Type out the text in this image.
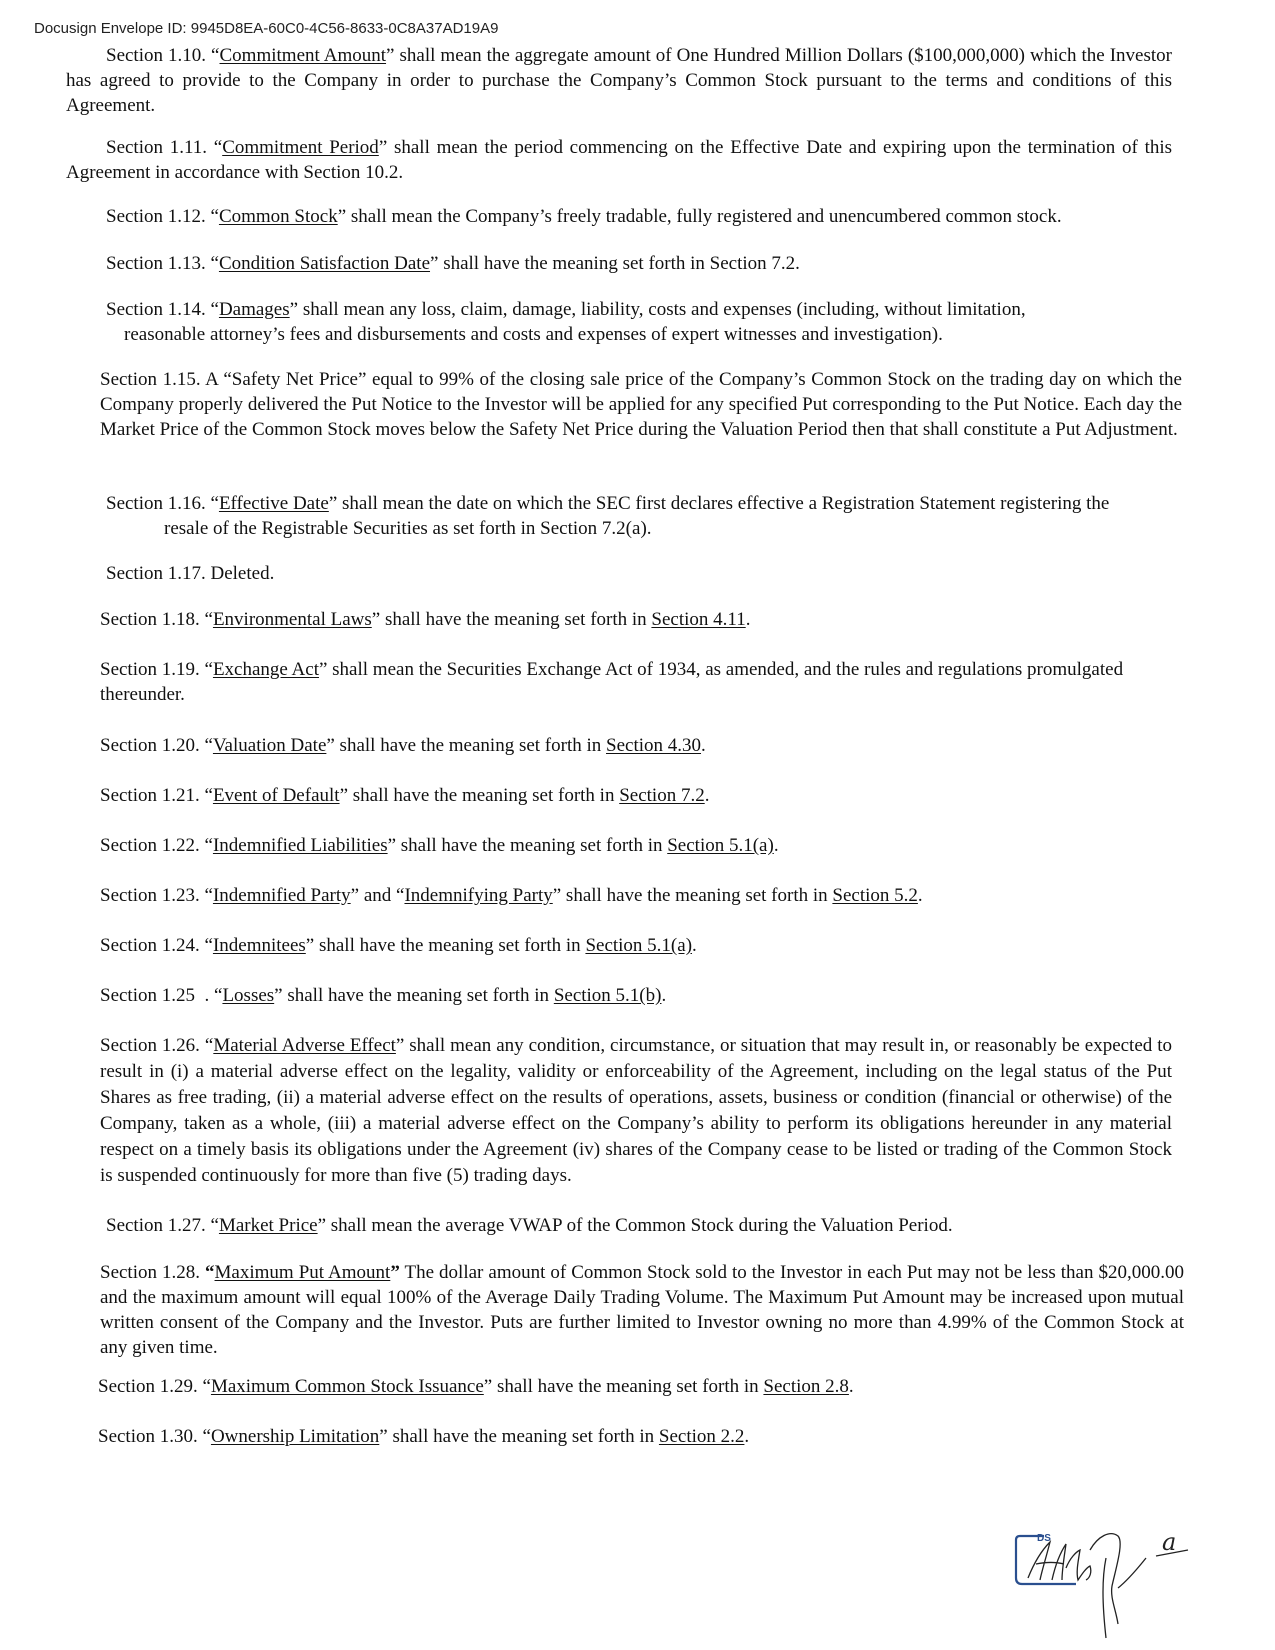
Docusign Envelope ID: 9945D8EA-60C0-4C56-8633-0C8A37AD19A9

Section 1.10. “Commitment Amount” shall mean the aggregate amount of One Hundred Million Dollars ($100,000,000) which the Investor has agreed to provide to the Company in order to purchase the Company’s Common Stock pursuant to the terms and conditions of this Agreement.

Section 1.11. “Commitment Period” shall mean the period commencing on the Effective Date and expiring upon the termination of this Agreement in accordance with Section 10.2.

Section 1.12. “Common Stock” shall mean the Company’s freely tradable, fully registered and unencumbered common stock.

Section 1.13. “Condition Satisfaction Date” shall have the meaning set forth in Section 7.2.

Section 1.14. “Damages” shall mean any loss, claim, damage, liability, costs and expenses (including, without limitation,
reasonable attorney’s fees and disbursements and costs and expenses of expert witnesses and investigation).

Section 1.15. A “Safety Net Price” equal to 99% of the closing sale price of the Company’s Common Stock on the trading day on which the Company properly delivered the Put Notice to the Investor will be applied for any specified Put corresponding to the Put Notice. Each day the Market Price of the Common Stock moves below the Safety Net Price during the Valuation Period then that shall constitute a Put Adjustment.

Section 1.16. “Effective Date” shall mean the date on which the SEC first declares effective a Registration Statement registering the
resale of the Registrable Securities as set forth in Section 7.2(a).

Section 1.17. Deleted.

Section 1.18. “Environmental Laws” shall have the meaning set forth in Section 4.11.

Section 1.19. “Exchange Act” shall mean the Securities Exchange Act of 1934, as amended, and the rules and regulations promulgated thereunder.

Section 1.20. “Valuation Date” shall have the meaning set forth in Section 4.30.

Section 1.21. “Event of Default” shall have the meaning set forth in Section 7.2.

Section 1.22. “Indemnified Liabilities” shall have the meaning set forth in Section 5.1(a).

Section 1.23. “Indemnified Party” and “Indemnifying Party” shall have the meaning set forth in Section 5.2.

Section 1.24. “Indemnitees” shall have the meaning set forth in Section 5.1(a).

Section 1.25  . “Losses” shall have the meaning set forth in Section 5.1(b).

Section 1.26. “Material Adverse Effect” shall mean any condition, circumstance, or situation that may result in, or reasonably be expected to result in (i) a material adverse effect on the legality, validity or enforceability of the Agreement, including on the legal status of the Put Shares as free trading, (ii) a material adverse effect on the results of operations, assets, business or condition (financial or otherwise) of the Company, taken as a whole, (iii) a material adverse effect on the Company’s ability to perform its obligations hereunder in any material respect on a timely basis its obligations under the Agreement (iv) shares of the Company cease to be listed or trading of the Common Stock is suspended continuously for more than five (5) trading days.

Section 1.27. “Market Price” shall mean the average VWAP of the Common Stock during the Valuation Period.

Section 1.28. “Maximum Put Amount” The dollar amount of Common Stock sold to the Investor in each Put may not be less than $20,000.00 and the maximum amount will equal 100% of the Average Daily Trading Volume. The Maximum Put Amount may be increased upon mutual written consent of the Company and the Investor. Puts are further limited to Investor owning no more than 4.99% of the Common Stock at any given time.

Section 1.29. “Maximum Common Stock Issuance” shall have the meaning set forth in Section 2.8.

Section 1.30. “Ownership Limitation” shall have the meaning set forth in Section 2.2.

DS	a
